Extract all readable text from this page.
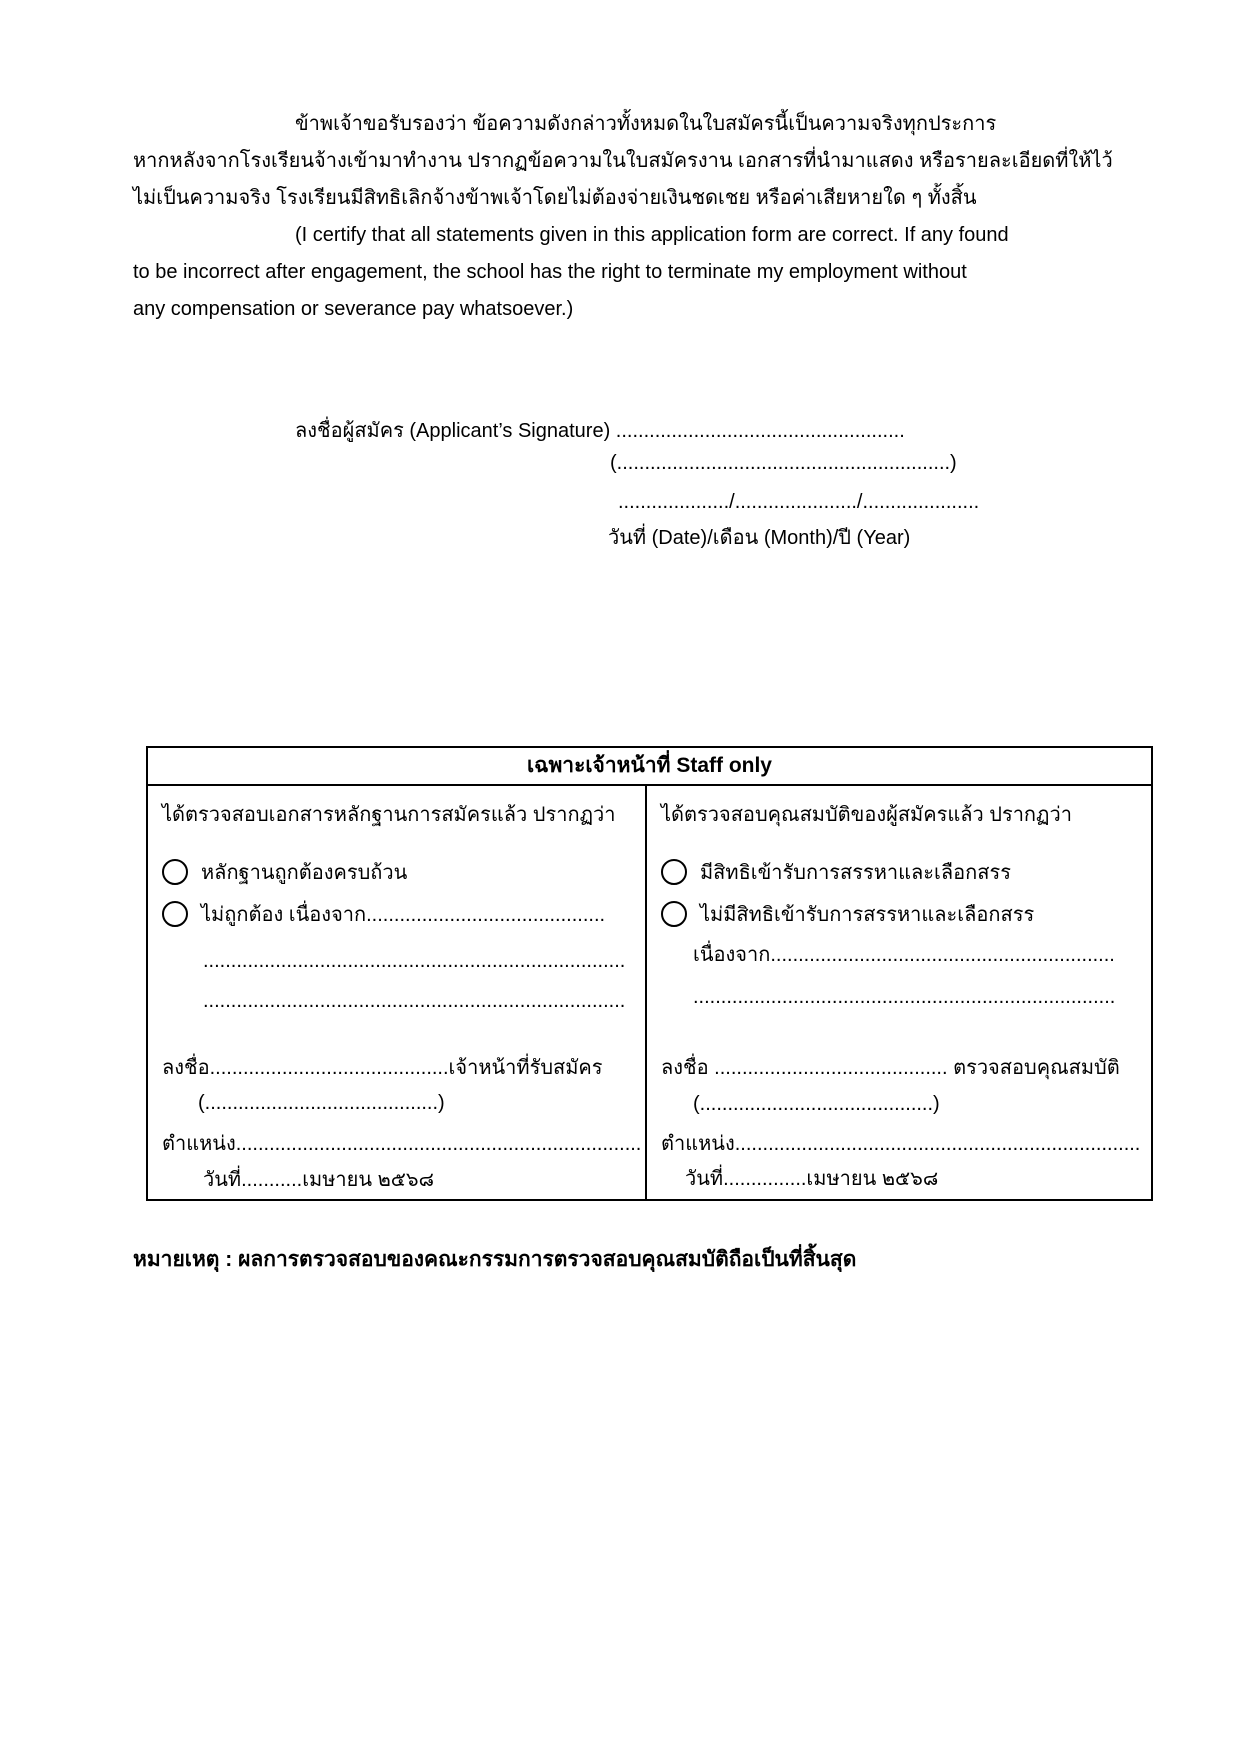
ข้าพเจ้าขอรับรองว่า ข้อความดังกล่าวทั้งหมดในใบสมัครนี้เป็นความจริงทุกประการ
หากหลังจากโรงเรียนจ้างเข้ามาทำงาน ปรากฏข้อความในใบสมัครงาน เอกสารที่นำมาแสดง หรือรายละเอียดที่ให้ไว้
ไม่เป็นความจริง โรงเรียนมีสิทธิเลิกจ้างข้าพเจ้าโดยไม่ต้องจ่ายเงินชดเชย หรือค่าเสียหายใด ๆ ทั้งสิ้น
(I certify that all statements given in this application form are correct. If any found
to be incorrect after engagement, the school has the right to terminate my employment without
any compensation or severance pay whatsoever.)
ลงชื่อผู้สมัคร (Applicant’s Signature) ....................................................
(............................................................)
..................../....................../.....................
วันที่ (Date)/เดือน (Month)/ปี (Year)
เฉพาะเจ้าหน้าที่ Staff only
ได้ตรวจสอบเอกสารหลักฐานการสมัครแล้ว ปรากฏว่า
หลักฐานถูกต้องครบถ้วน
ไม่ถูกต้อง เนื่องจาก...........................................
............................................................................
............................................................................
ลงชื่อ...........................................เจ้าหน้าที่รับสมัคร
(..........................................)
ตำแหน่ง.........................................................................
วันที่...........เมษายน ๒๕๖๘
ได้ตรวจสอบคุณสมบัติของผู้สมัครแล้ว ปรากฏว่า
มีสิทธิเข้ารับการสรรหาและเลือกสรร
ไม่มีสิทธิเข้ารับการสรรหาและเลือกสรร
เนื่องจาก..............................................................
............................................................................
ลงชื่อ .......................................... ตรวจสอบคุณสมบัติ
(..........................................)
ตำแหน่ง.........................................................................
วันที่...............เมษายน ๒๕๖๘
หมายเหตุ : ผลการตรวจสอบของคณะกรรมการตรวจสอบคุณสมบัติถือเป็นที่สิ้นสุด
